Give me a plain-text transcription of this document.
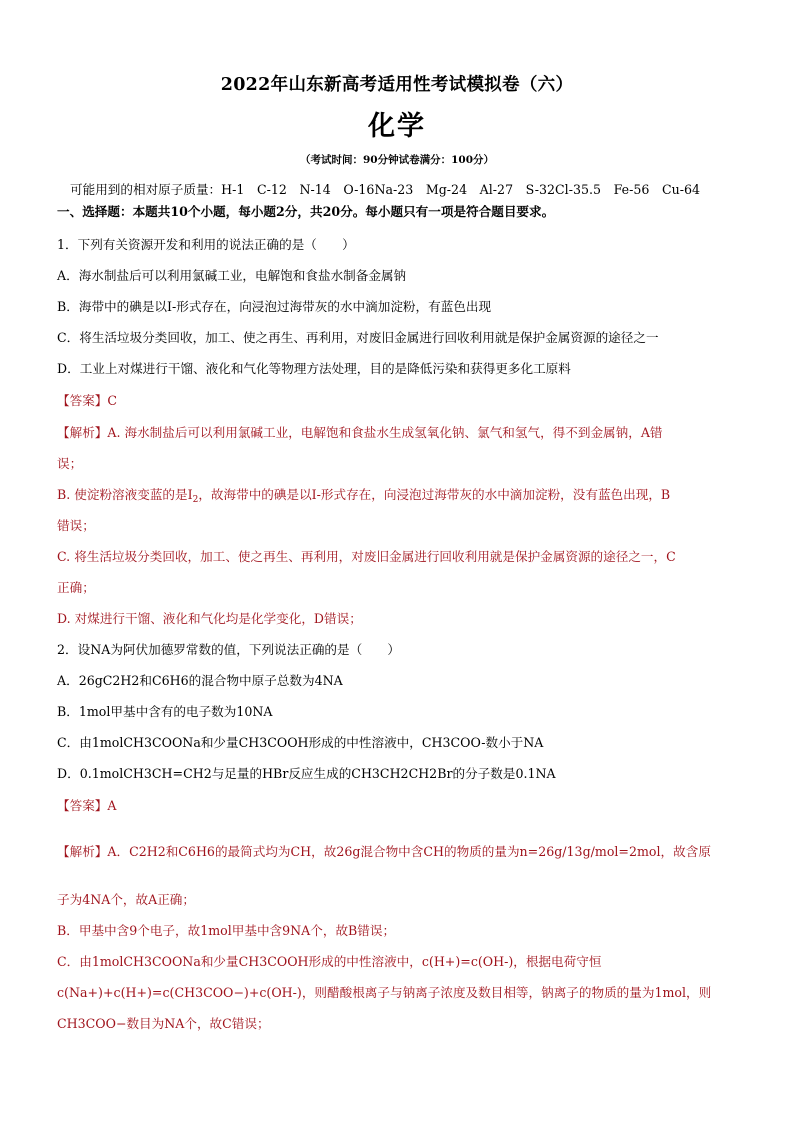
2022年山东新高考适用性考试模拟卷（六）
化学
（考试时间：90分钟试卷满分：100分）
可能用到的相对原子质量：H-1　C-12　N-14　O-16Na-23　Mg-24　Al-27　S-32Cl-35.5　Fe-56　Cu-64
一、选择题：本题共10个小题，每小题2分，共20分。每小题只有一项是符合题目要求。
1．下列有关资源开发和利用的说法正确的是（　　）
A．海水制盐后可以利用氯碱工业，电解饱和食盐水制备金属钠
B．海带中的碘是以I-形式存在，向浸泡过海带灰的水中滴加淀粉，有蓝色出现
C．将生活垃圾分类回收，加工、使之再生、再利用，对废旧金属进行回收利用就是保护金属资源的途径之一
D．工业上对煤进行干馏、液化和气化等物理方法处理，目的是降低污染和获得更多化工原料
【答案】C
【解析】A. 海水制盐后可以利用氯碱工业，电解饱和食盐水生成氢氧化钠、氯气和氢气，得不到金属钠，A错
误；
B. 使淀粉溶液变蓝的是$I_2$，故海带中的碘是以I-形式存在，向浸泡过海带灰的水中滴加淀粉，没有蓝色出现，B
错误；
C. 将生活垃圾分类回收，加工、使之再生、再利用，对废旧金属进行回收利用就是保护金属资源的途径之一，C
正确；
D. 对煤进行干馏、液化和气化均是化学变化，D错误；
2．设NA为阿伏加德罗常数的值，下列说法正确的是（　　）
A．26gC2H2和C6H6的混合物中原子总数为4NA
B．1mol甲基中含有的电子数为10NA
C．由1molCH3COONa和少量CH3COOH形成的中性溶液中，CH3COO-数小于NA
D．0.1molCH3CH=CH2与足量的HBr反应生成的CH3CH2CH2Br的分子数是0.1NA
【答案】A
【解析】A．C2H2和C6H6的最简式均为CH，故26g混合物中含CH的物质的量为n=26g/13g/mol=2mol，故含原
子为4NA个，故A正确；
B．甲基中含9个电子，故1mol甲基中含9NA个，故B错误；
C．由1molCH3COONa和少量CH3COOH形成的中性溶液中，c(H+)=c(OH-)，根据电荷守恒
c(Na+)+c(H+)=c(CH3COO−)+c(OH-)，则醋酸根离子与钠离子浓度及数目相等，钠离子的物质的量为1mol，则
CH3COO−数目为NA个，故C错误；
